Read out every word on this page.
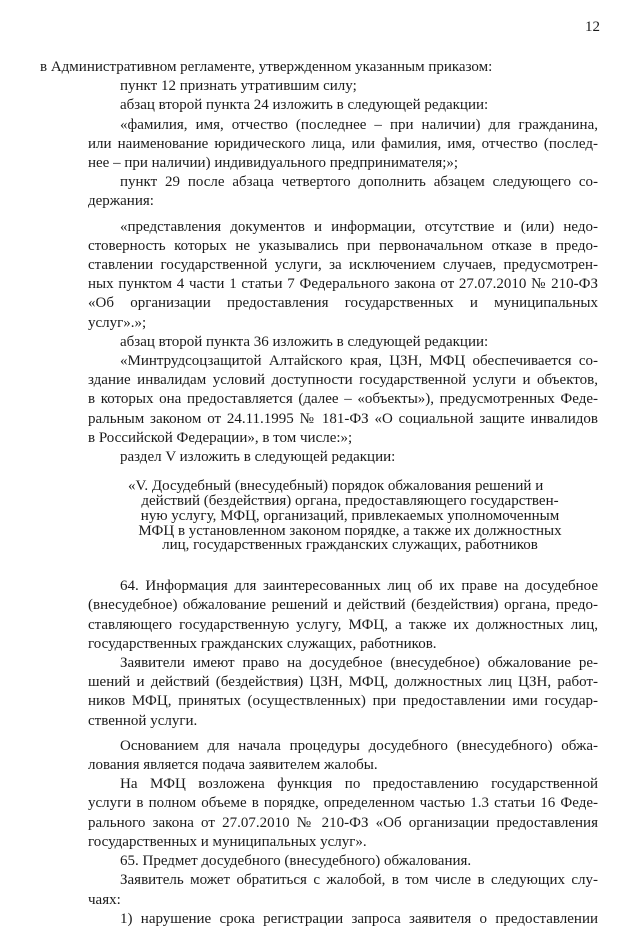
12
в Административном регламенте, утвержденном указанным приказом:
пункт 12 признать утратившим силу;
абзац второй пункта 24 изложить в следующей редакции:
«фамилия, имя, отчество (последнее – при наличии) для гражданина,
или наименование юридического лица, или фамилия, имя, отчество (послед-
нее – при наличии) индивидуального предпринимателя;»;
пункт 29 после абзаца четвертого дополнить абзацем следующего со-
держания:
«представления документов и информации, отсутствие и (или) недо-
стоверность которых не указывались при первоначальном отказе в предо-
ставлении государственной услуги, за исключением случаев, предусмотрен-
ных пунктом 4 части 1 статьи 7 Федерального закона от 27.07.2010 № 210-ФЗ
«Об организации предоставления государственных и муниципальных
услуг».»;
абзац второй пункта 36 изложить в следующей редакции:
«Минтрудсоцзащитой Алтайского края, ЦЗН, МФЦ обеспечивается со-
здание инвалидам условий доступности государственной услуги и объектов,
в которых она предоставляется (далее – «объекты»), предусмотренных Феде-
ральным законом от 24.11.1995 № 181-ФЗ «О социальной защите инвалидов
в Российской Федерации», в том числе:»;
раздел V изложить в следующей редакции:
«V. Досудебный (внесудебный) порядок обжалования решений и
действий (бездействия) органа, предоставляющего государствен-
ную услугу, МФЦ, организаций, привлекаемых уполномоченным
МФЦ в установленном законом порядке, а также их должностных
лиц, государственных гражданских служащих, работников
64. Информация для заинтересованных лиц об их праве на досудебное
(внесудебное) обжалование решений и действий (бездействия) органа, предо-
ставляющего государственную услугу, МФЦ, а также их должностных лиц,
государственных гражданских служащих, работников.
Заявители имеют право на досудебное (внесудебное) обжалование ре-
шений и действий (бездействия) ЦЗН, МФЦ, должностных лиц ЦЗН, работ-
ников МФЦ, принятых (осуществленных) при предоставлении ими государ-
ственной услуги.
Основанием для начала процедуры досудебного (внесудебного) обжа-
лования является подача заявителем жалобы.
На МФЦ возложена функция по предоставлению государственной
услуги в полном объеме в порядке, определенном частью 1.3 статьи 16 Феде-
рального закона от 27.07.2010 № 210-ФЗ «Об организации предоставления
государственных и муниципальных услуг».
65. Предмет досудебного (внесудебного) обжалования.
Заявитель может обратиться с жалобой, в том числе в следующих слу-
чаях:
1) нарушение срока регистрации запроса заявителя о предоставлении
